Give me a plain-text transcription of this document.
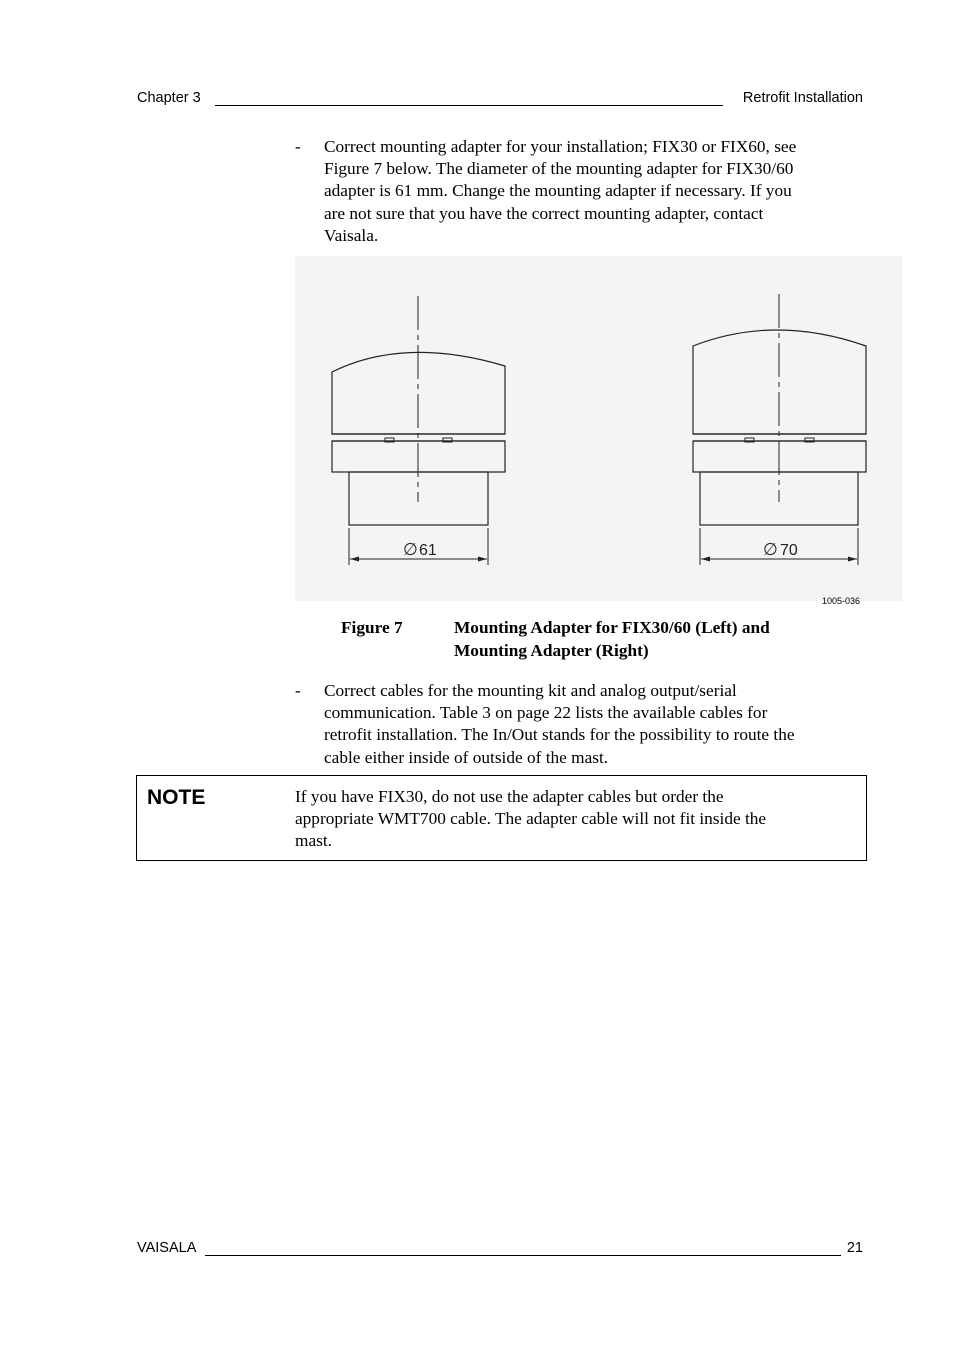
Chapter 3	Retrofit Installation
- Correct mounting adapter for your installation; FIX30 or FIX60, see
Figure 7 below. The diameter of the mounting adapter for FIX30/60
adapter is 61 mm. Change the mounting adapter if necessary. If you
are not sure that you have the correct mounting adapter, contact
Vaisala.
∅ 61	∅ 70
1005-036
Figure 7	Mounting Adapter for FIX30/60 (Left) and
Mounting Adapter (Right)
- Correct cables for the mounting kit and analog output/serial
communication. Table 3 on page 22 lists the available cables for
retrofit installation. The In/Out stands for the possibility to route the
cable either inside of outside of the mast.
NOTE	If you have FIX30, do not use the adapter cables but order the
appropriate WMT700 cable. The adapter cable will not fit inside the
mast.
VAISALA	21
